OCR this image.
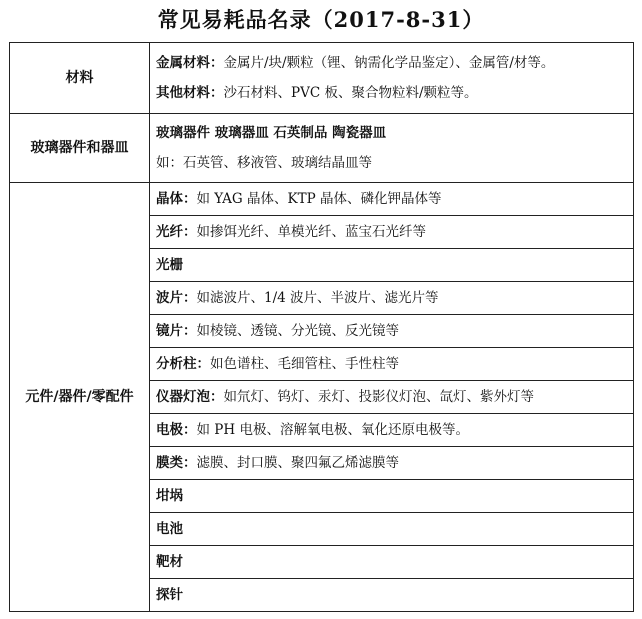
常见易耗品名录（2017-8-31）
材料	金属材料：金属片/块/颗粒（锂、钠需化学品鉴定）、金属管/材等。
其他材料：沙石材料、PVC 板、聚合物粒料/颗粒等。

玻璃器件和器皿	玻璃器件 玻璃器皿 石英制品 陶瓷器皿
如：石英管、移液管、玻璃结晶皿等

元件/器件/零配件	晶体：如 YAG 晶体、KTP 晶体、磷化钾晶体等
	光纤：如掺饵光纤、单模光纤、蓝宝石光纤等
	光栅
	波片：如滤波片、1/4 波片、半波片、滤光片等
	镜片：如棱镜、透镜、分光镜、反光镜等
	分析柱：如色谱柱、毛细管柱、手性柱等
	仪器灯泡：如氘灯、钨灯、汞灯、投影仪灯泡、氙灯、紫外灯等
	电极：如 PH 电极、溶解氧电极、氧化还原电极等。
	膜类：滤膜、封口膜、聚四氟乙烯滤膜等
	坩埚
	电池
	靶材
	探针
